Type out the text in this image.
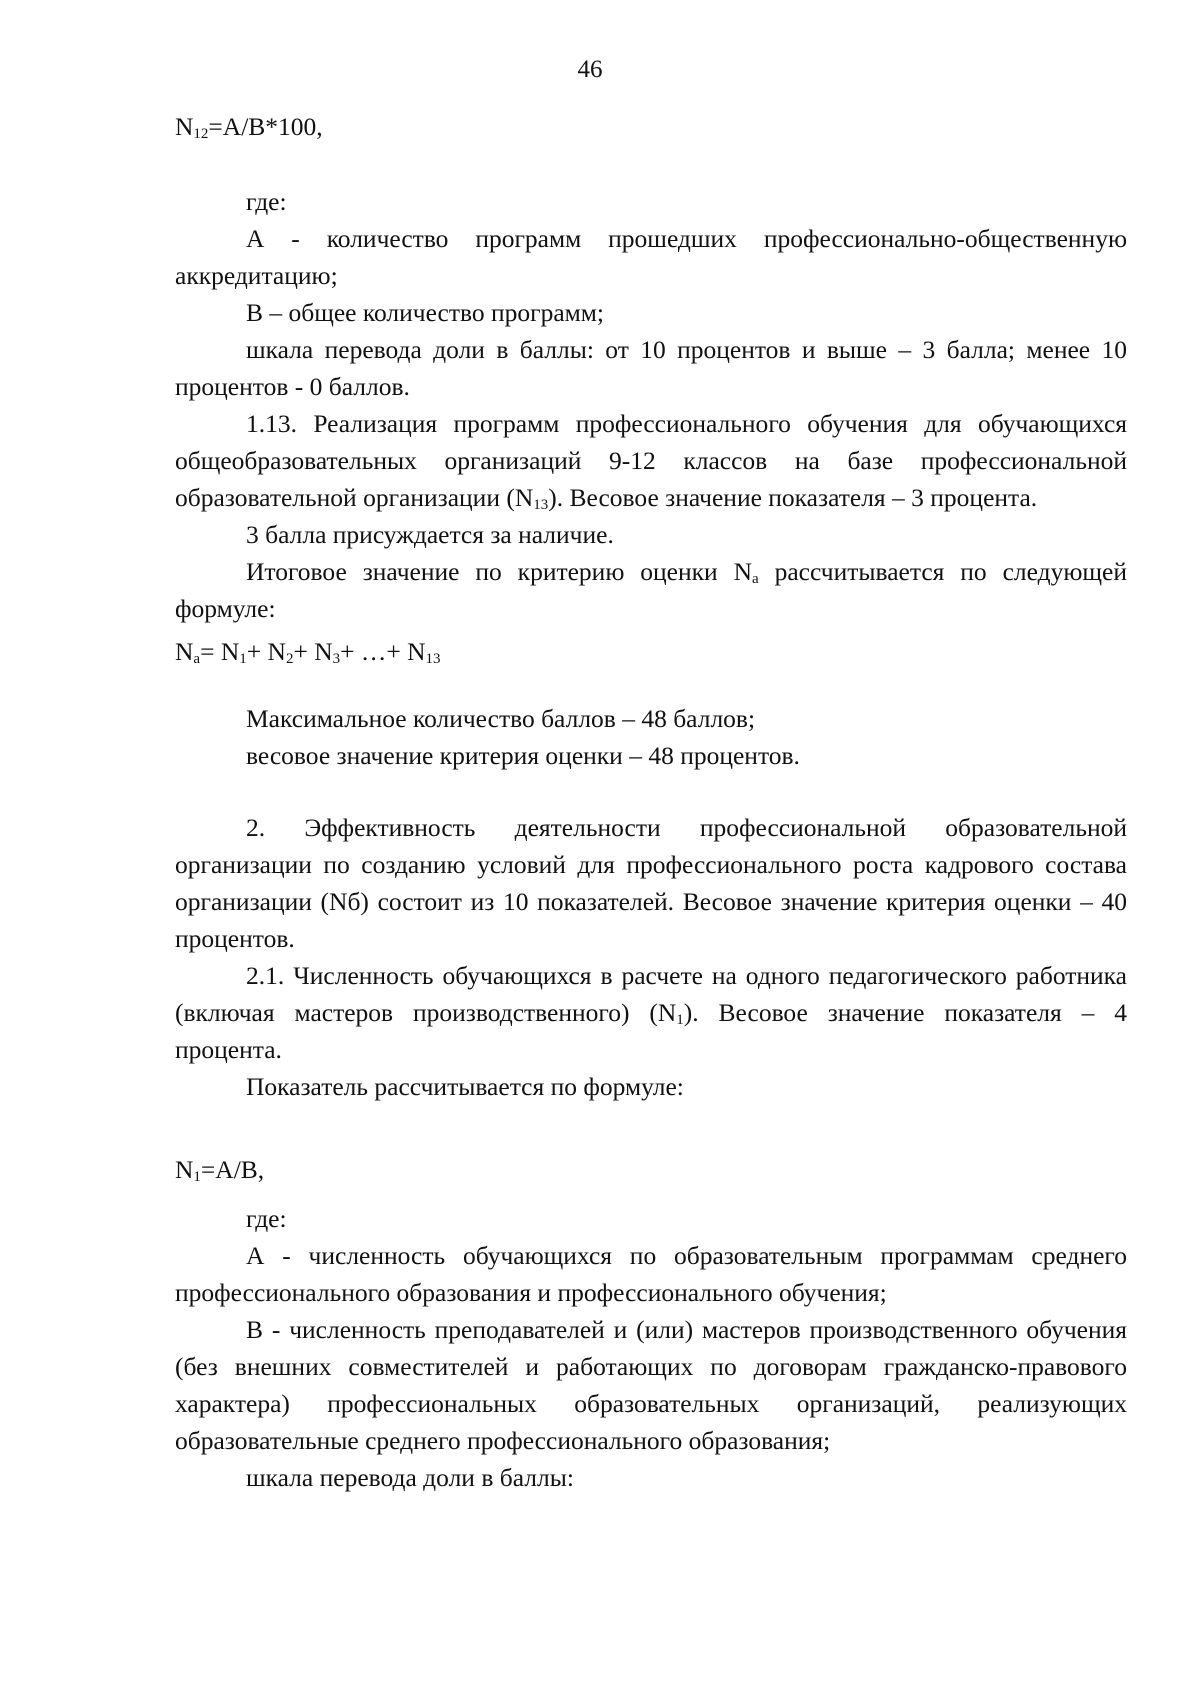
46

$N_{12}=A/B*100$,

где:

А - количество программ прошедших профессионально-общественную аккредитацию;

В – общее количество программ;

шкала перевода доли в баллы: от 10 процентов и выше – 3 балла; менее 10 процентов - 0 баллов.

1.13. Реализация программ профессионального обучения для обучающихся общеобразовательных организаций 9-12 классов на базе профессиональной образовательной организации $(N_{13})$. Весовое значение показателя – 3 процента.

3 балла присуждается за наличие.

Итоговое значение по критерию оценки $N_a$ рассчитывается по следующей формуле:

$N_a= N_1+ N_2+ N_3+$ …+ $N_{13}$

Максимальное количество баллов – 48 баллов;

весовое значение критерия оценки – 48 процентов.

2. Эффективность деятельности профессиональной образовательной организации по созданию условий для профессионального роста кадрового состава организации (Nб) состоит из 10 показателей. Весовое значение критерия оценки – 40 процентов.

2.1. Численность обучающихся в расчете на одного педагогического работника (включая мастеров производственного) $(N_1)$. Весовое значение показателя – 4 процента.

Показатель рассчитывается по формуле:

$N_1=A/B$,

где:

А - численность обучающихся по образовательным программам среднего профессионального образования и профессионального обучения;

В - численность преподавателей и (или) мастеров производственного обучения (без внешних совместителей и работающих по договорам гражданско-правового характера) профессиональных образовательных организаций, реализующих образовательные среднего профессионального образования;

шкала перевода доли в баллы:
